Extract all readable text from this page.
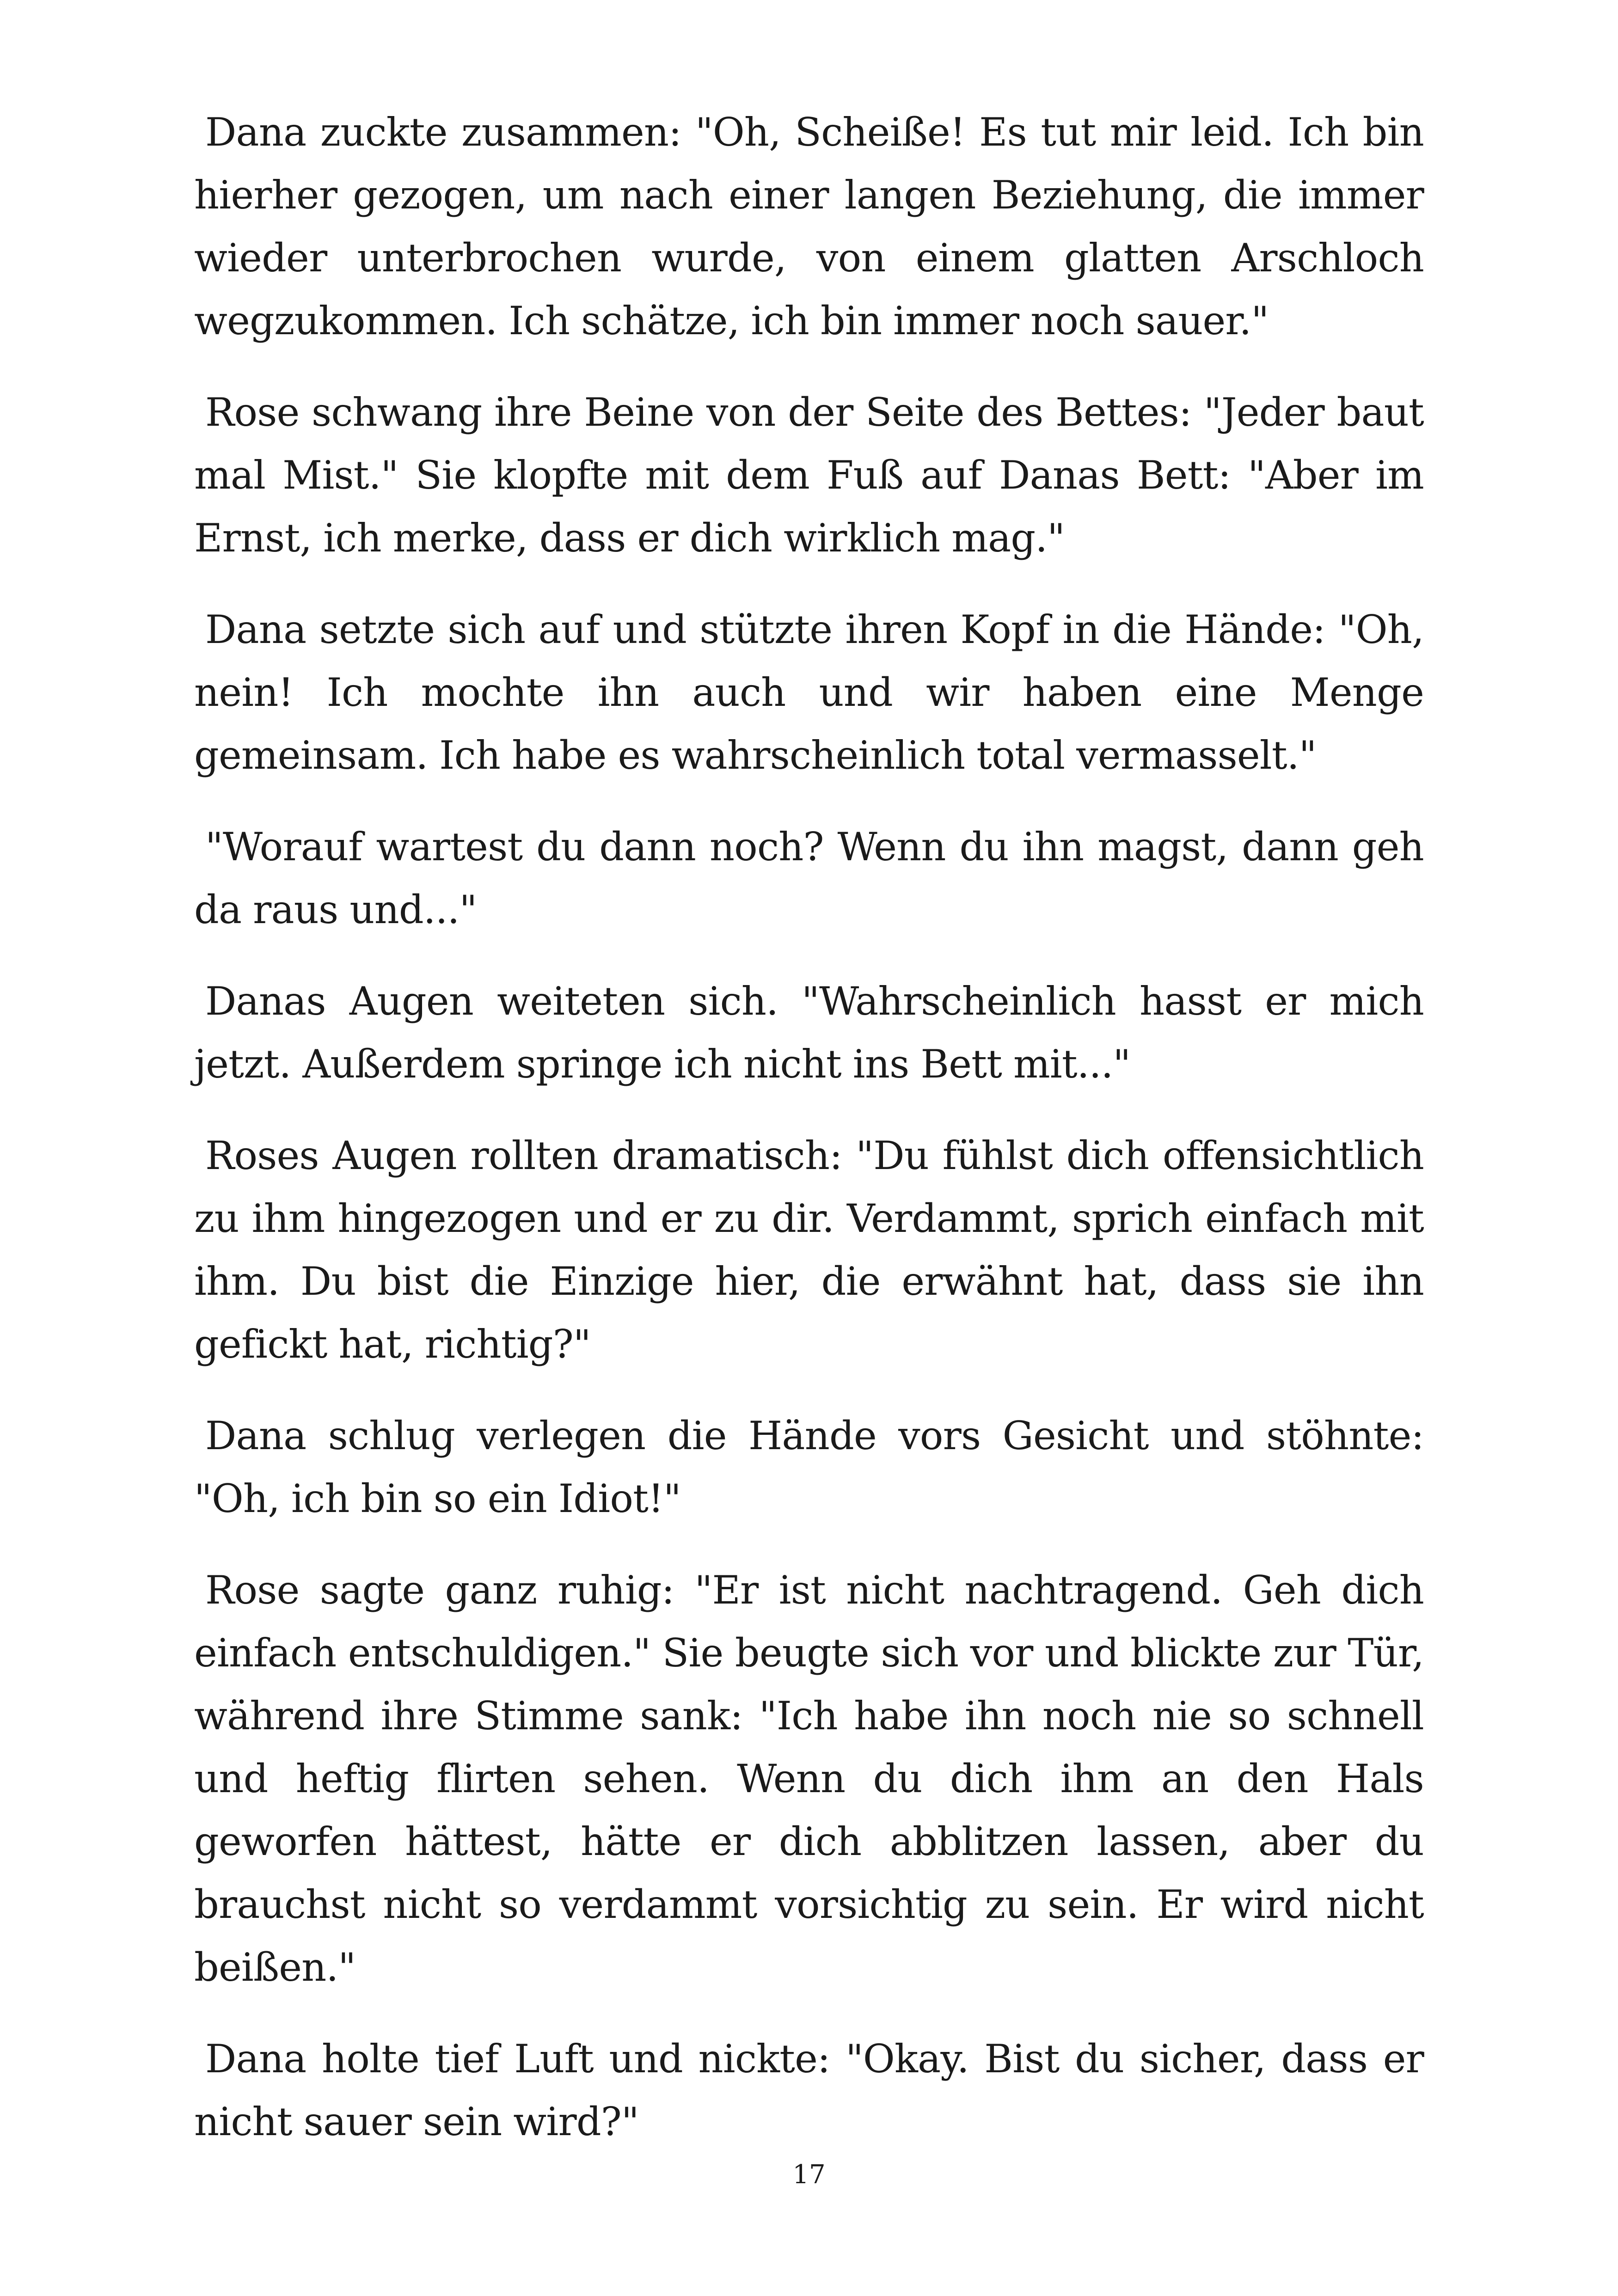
Dana zuckte zusammen: "Oh, Scheiße! Es tut mir leid. Ich bin hierher gezogen, um nach einer langen Beziehung, die immer wieder unterbrochen wurde, von einem glatten Arschloch wegzukommen. Ich schätze, ich bin immer noch sauer."

Rose schwang ihre Beine von der Seite des Bettes: "Jeder baut mal Mist." Sie klopfte mit dem Fuß auf Danas Bett: "Aber im Ernst, ich merke, dass er dich wirklich mag."

Dana setzte sich auf und stützte ihren Kopf in die Hände: "Oh, nein! Ich mochte ihn auch und wir haben eine Menge gemeinsam. Ich habe es wahrscheinlich total vermasselt."

"Worauf wartest du dann noch? Wenn du ihn magst, dann geh da raus und..."

Danas Augen weiteten sich. "Wahrscheinlich hasst er mich jetzt. Außerdem springe ich nicht ins Bett mit..."

Roses Augen rollten dramatisch: "Du fühlst dich offensichtlich zu ihm hingezogen und er zu dir. Verdammt, sprich einfach mit ihm. Du bist die Einzige hier, die erwähnt hat, dass sie ihn gefickt hat, richtig?"

Dana schlug verlegen die Hände vors Gesicht und stöhnte: "Oh, ich bin so ein Idiot!"

Rose sagte ganz ruhig: "Er ist nicht nachtragend. Geh dich einfach entschuldigen." Sie beugte sich vor und blickte zur Tür, während ihre Stimme sank: "Ich habe ihn noch nie so schnell und heftig flirten sehen. Wenn du dich ihm an den Hals geworfen hättest, hätte er dich abblitzen lassen, aber du brauchst nicht so verdammt vorsichtig zu sein. Er wird nicht beißen."

Dana holte tief Luft und nickte: "Okay. Bist du sicher, dass er nicht sauer sein wird?"

17
